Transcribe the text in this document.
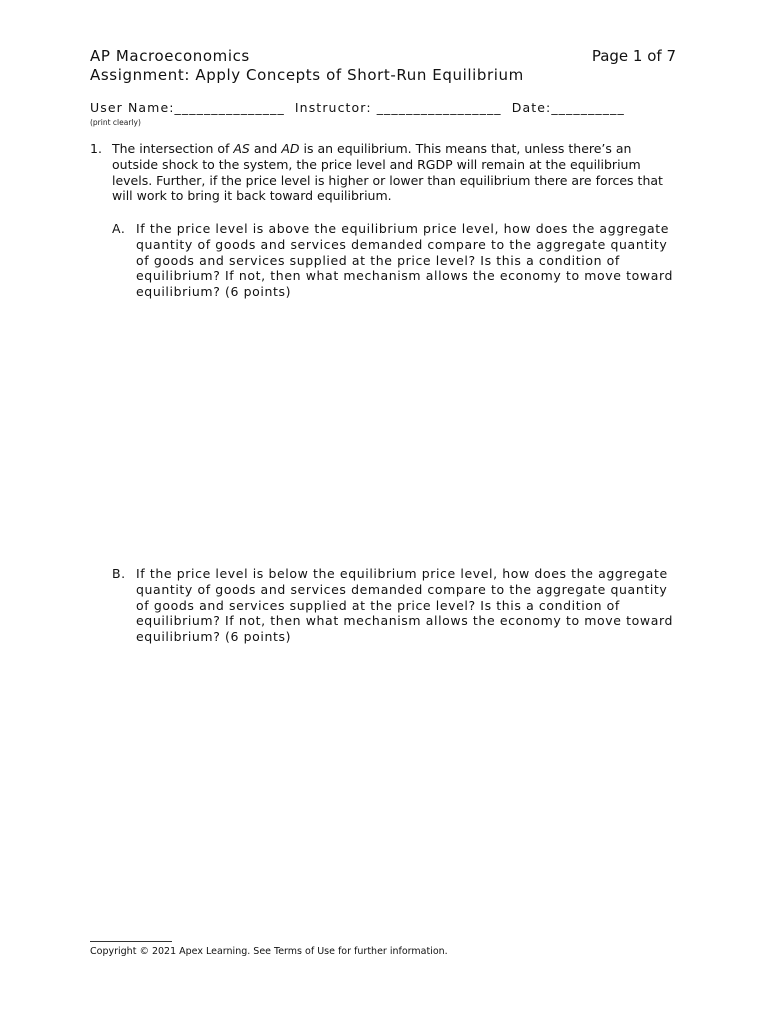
AP Macroeconomics	Page 1 of 7
Assignment: Apply Concepts of Short-Run Equilibrium
User Name:_______________ Instructor: _________________ Date:__________
(print clearly)
1. The intersection of AS and AD is an equilibrium. This means that, unless there’s an outside shock to the system, the price level and RGDP will remain at the equilibrium levels. Further, if the price level is higher or lower than equilibrium there are forces that will work to bring it back toward equilibrium.
A. If the price level is above the equilibrium price level, how does the aggregate quantity of goods and services demanded compare to the aggregate quantity of goods and services supplied at the price level? Is this a condition of equilibrium? If not, then what mechanism allows the economy to move toward equilibrium? (6 points)
B. If the price level is below the equilibrium price level, how does the aggregate quantity of goods and services demanded compare to the aggregate quantity of goods and services supplied at the price level? Is this a condition of equilibrium? If not, then what mechanism allows the economy to move toward equilibrium? (6 points)
Copyright © 2021 Apex Learning. See Terms of Use for further information.
